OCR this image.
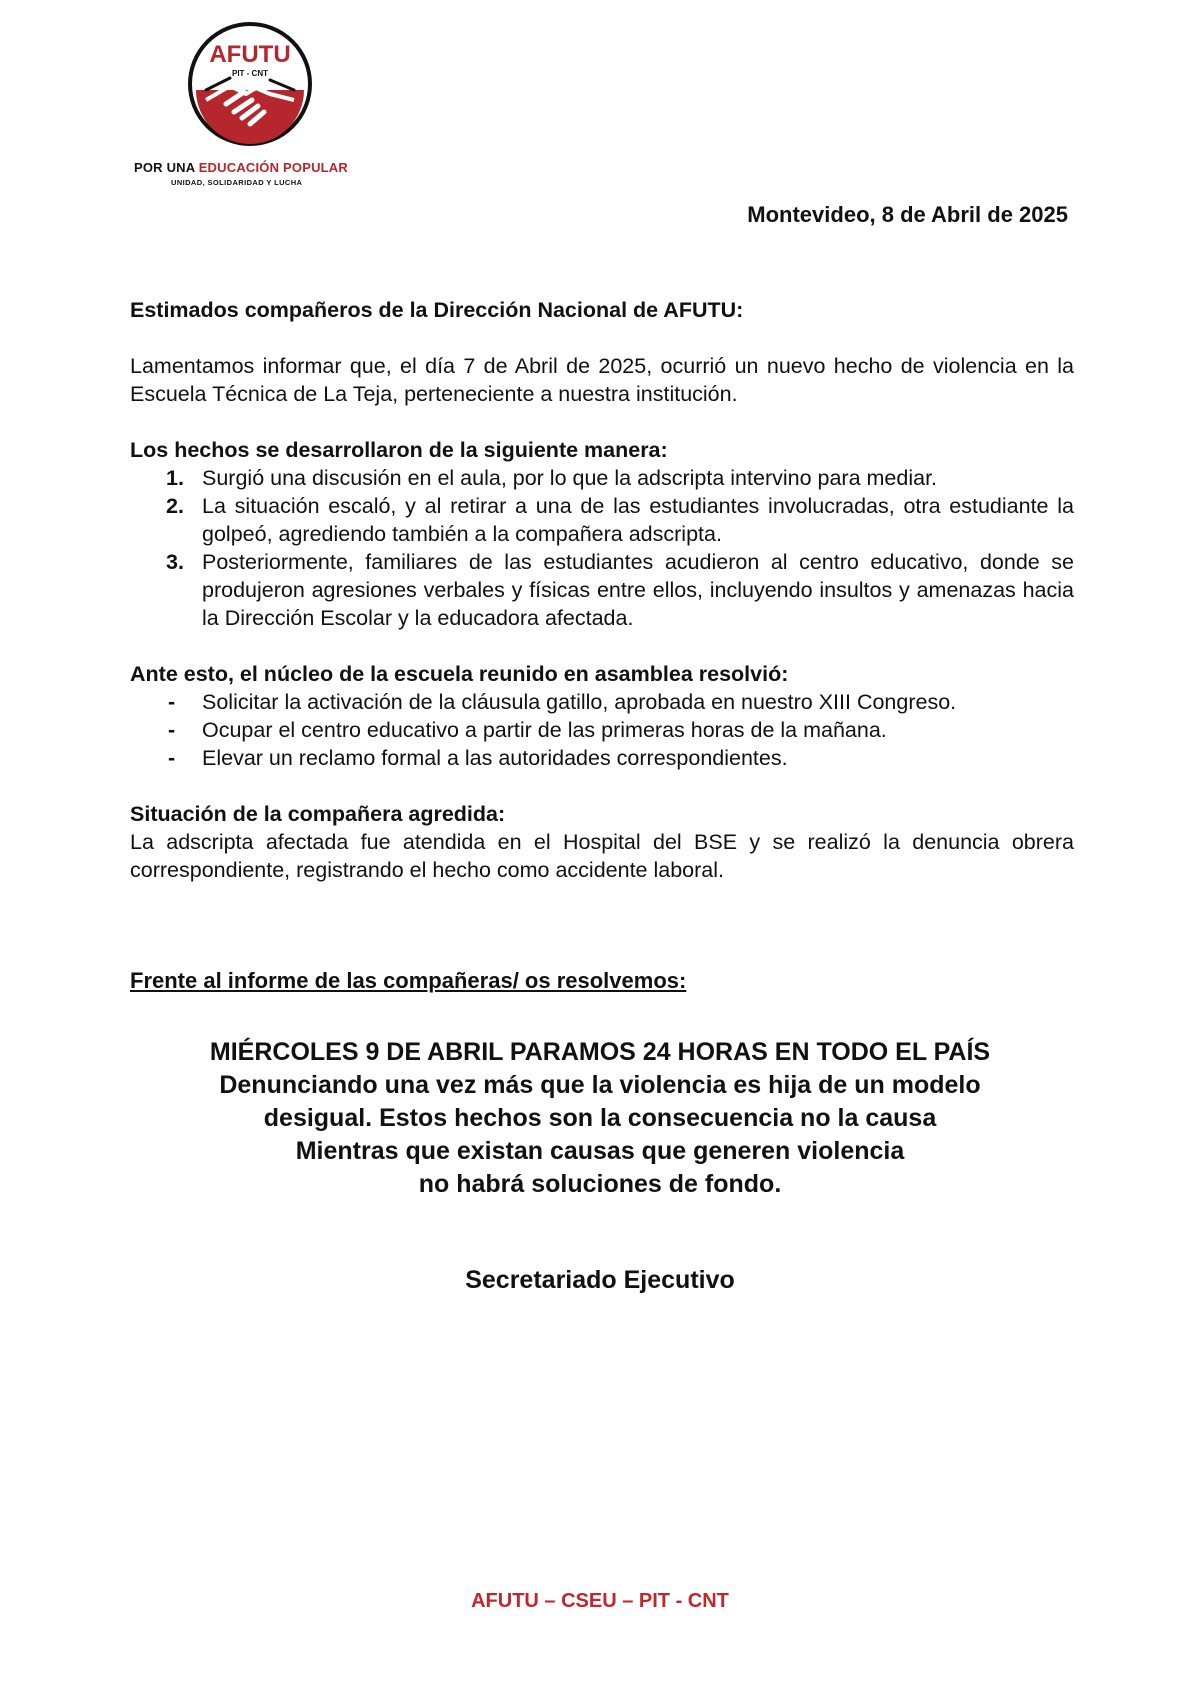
AFUTU
PIT - CNT
POR UNA EDUCACIÓN POPULAR
UNIDAD, SOLIDARIDAD Y LUCHA
Montevideo, 8 de Abril de 2025

Estimados compañeros de la Dirección Nacional de AFUTU:

Lamentamos informar que, el día 7 de Abril de 2025, ocurrió un nuevo hecho de violencia en la Escuela Técnica de La Teja, perteneciente a nuestra institución.

Los hechos se desarrollaron de la siguiente manera:

1. Surgió una discusión en el aula, por lo que la adscripta intervino para mediar.
2. La situación escaló, y al retirar a una de las estudiantes involucradas, otra estudiante la golpeó, agrediendo también a la compañera adscripta.
3. Posteriormente, familiares de las estudiantes acudieron al centro educativo, donde se produjeron agresiones verbales y físicas entre ellos, incluyendo insultos y amenazas hacia la Dirección Escolar y la educadora afectada.

Ante esto, el núcleo de la escuela reunido en asamblea resolvió:

- Solicitar la activación de la cláusula gatillo, aprobada en nuestro XIII Congreso.
- Ocupar el centro educativo a partir de las primeras horas de la mañana.
- Elevar un reclamo formal a las autoridades correspondientes.

Situación de la compañera agredida:

La adscripta afectada fue atendida en el Hospital del BSE y se realizó la denuncia obrera correspondiente, registrando el hecho como accidente laboral.

Frente al informe de las compañeras/ os resolvemos:
MIÉRCOLES 9 DE ABRIL PARAMOS 24 HORAS EN TODO EL PAÍS
Denunciando una vez más que la violencia es hija de un modelo
desigual. Estos hechos son la consecuencia no la causa
Mientras que existan causas que generen violencia
no habrá soluciones de fondo.
Secretariado Ejecutivo
AFUTU – CSEU – PIT - CNT
